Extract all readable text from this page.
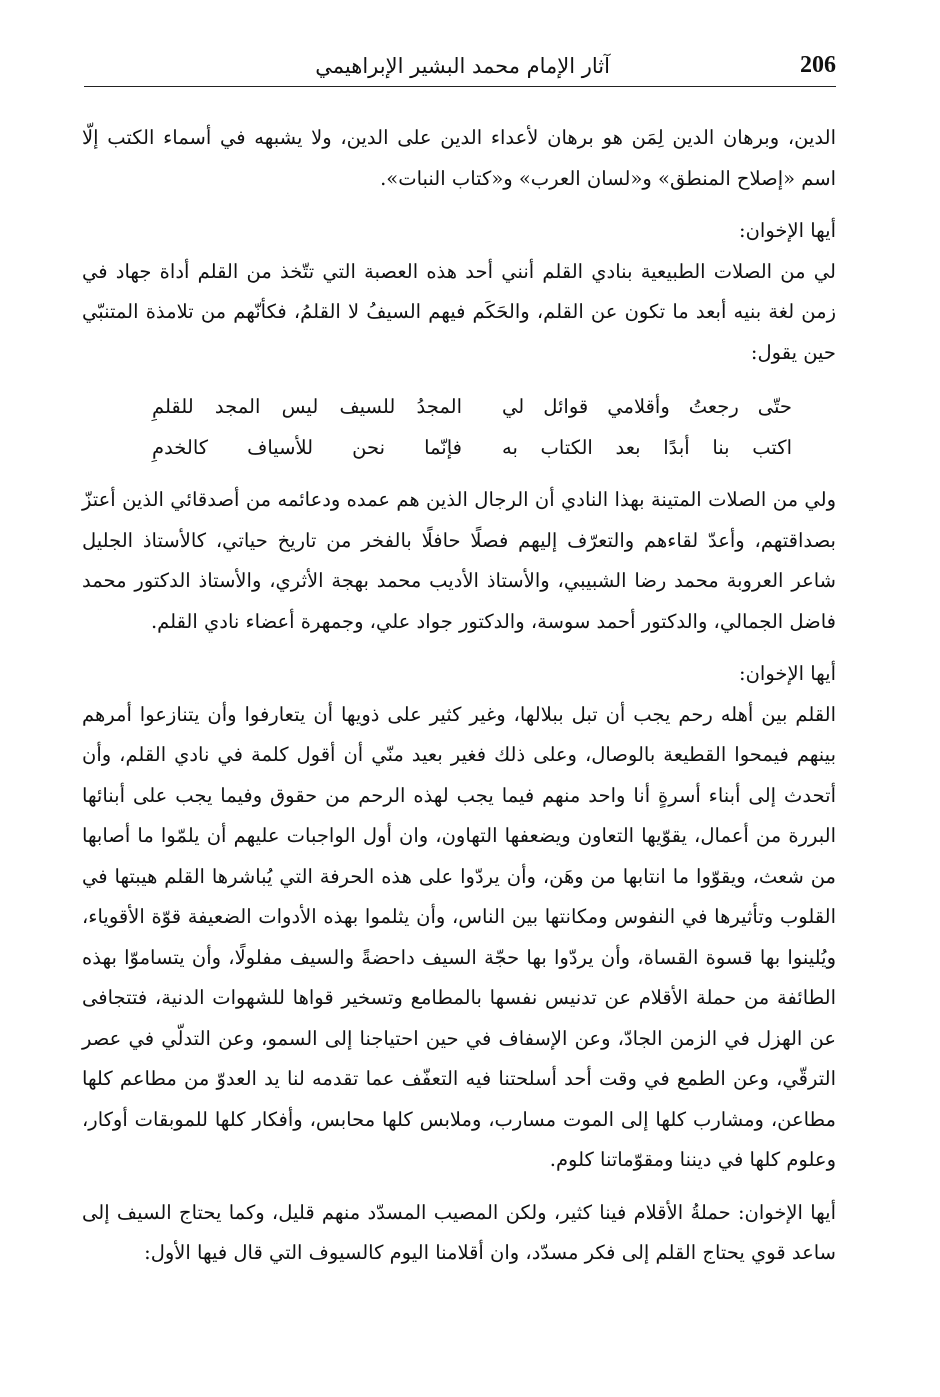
206
آثار الإمام محمد البشير الإبراهيمي

الدين، وبرهان الدين لِمَن هو برهان لأعداء الدين على الدين، ولا يشبهه في أسماء الكتب إلّا اسم «إصلاح المنطق» و«لسان العرب» و«كتاب النبات».

أيها الإخوان:

لي من الصلات الطبيعية بنادي القلم أنني أحد هذه العصبة التي تتّخذ من القلم أداة جهاد في زمن لغة بنيه أبعد ما تكون عن القلم، والحَكَم فيهم السيفُ لا القلمُ، فكأنّهم من تلامذة المتنبّي حين يقول:

حتّى رجعتُ وأقلامي قوائل لي
المجدُ للسيف ليس المجد للقلمِ
اكتب بنا أبدًا بعد الكتاب به
فإنّما نحن للأسياف كالخدمِ

ولي من الصلات المتينة بهذا النادي أن الرجال الذين هم عمده ودعائمه من أصدقائي الذين أعتزّ بصداقتهم، وأعدّ لقاءهم والتعرّف إليهم فصلًا حافلًا بالفخر من تاريخ حياتي، كالأستاذ الجليل شاعر العروبة محمد رضا الشبيبي، والأستاذ الأديب محمد بهجة الأثري، والأستاذ الدكتور محمد فاضل الجمالي، والدكتور أحمد سوسة، والدكتور جواد علي، وجمهرة أعضاء نادي القلم.

أيها الإخوان:

القلم بين أهله رحم يجب أن تبل ببلالها، وغير كثير على ذويها أن يتعارفوا وأن يتنازعوا أمرهم بينهم فيمحوا القطيعة بالوصال، وعلى ذلك فغير بعيد منّي أن أقول كلمة في نادي القلم، وأن أتحدث إلى أبناء أسرةٍ أنا واحد منهم فيما يجب لهذه الرحم من حقوق وفيما يجب على أبنائها البررة من أعمال، يقوّيها التعاون ويضعفها التهاون، وان أول الواجبات عليهم أن يلمّوا ما أصابها من شعث، ويقوّوا ما انتابها من وهَن، وأن يردّوا على هذه الحرفة التي يُباشرها القلم هيبتها في القلوب وتأثيرها في النفوس ومكانتها بين الناس، وأن يثلموا بهذه الأدوات الضعيفة قوّة الأقوياء، ويُلينوا بها قسوة القساة، وأن يردّوا بها حجّة السيف داحضةً والسيف مفلولًا، وأن يتساموّا بهذه الطائفة من حملة الأقلام عن تدنيس نفسها بالمطامع وتسخير قواها للشهوات الدنية، فتتجافى عن الهزل في الزمن الجادّ، وعن الإسفاف في حين احتياجنا إلى السمو، وعن التدلّي في عصر الترقّي، وعن الطمع في وقت أحد أسلحتنا فيه التعفّف عما تقدمه لنا يد العدوّ من مطاعم كلها مطاعن، ومشارب كلها إلى الموت مسارب، وملابس كلها محابس، وأفكار كلها للموبقات أوكار، وعلوم كلها في ديننا ومقوّماتنا كلوم.

أيها الإخوان: حملةُ الأقلام فينا كثير، ولكن المصيب المسدّد منهم قليل، وكما يحتاج السيف إلى ساعد قوي يحتاج القلم إلى فكر مسدّد، وان أقلامنا اليوم كالسيوف التي قال فيها الأول:
